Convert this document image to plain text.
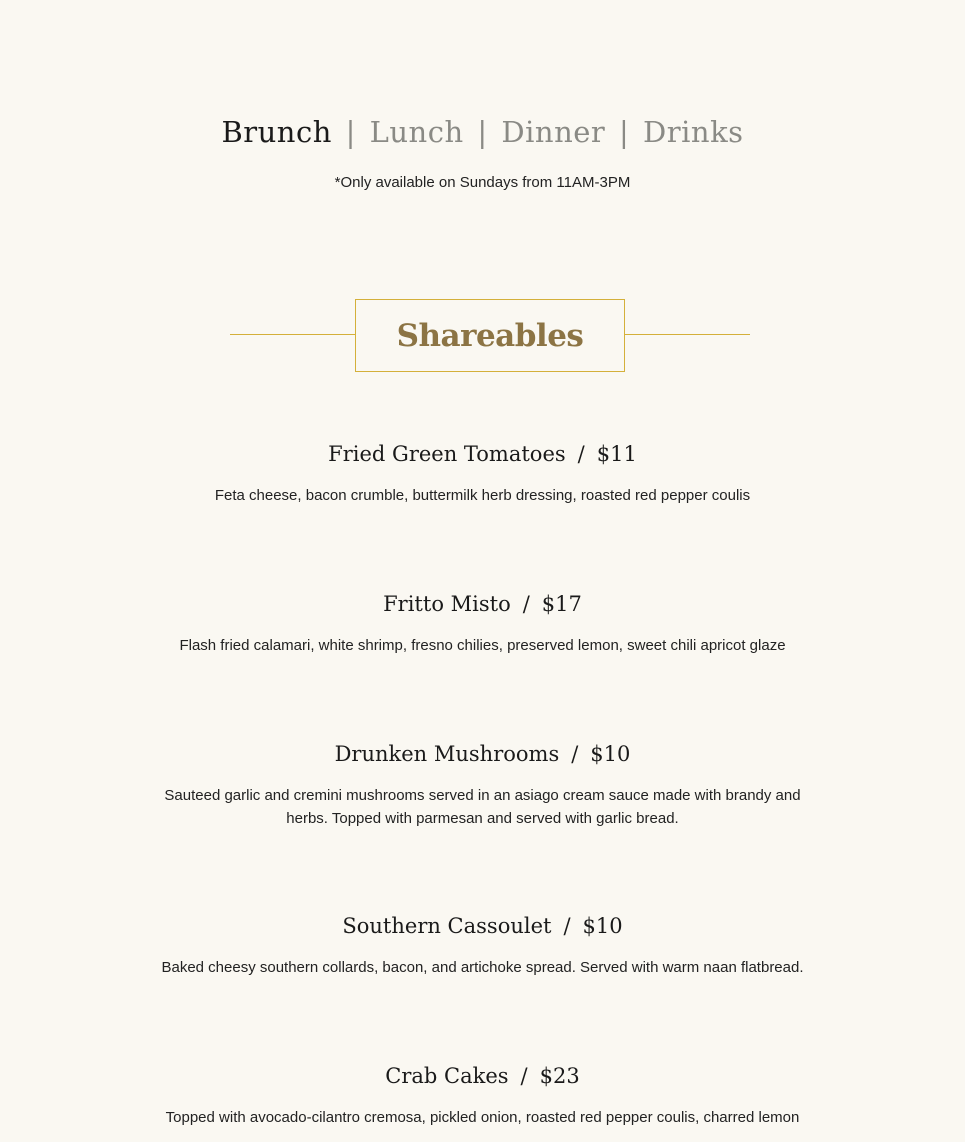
Brunch | Lunch | Dinner | Drinks
*Only available on Sundays from 11AM-3PM
Shareables
Fried Green Tomatoes / $11
Feta cheese, bacon crumble, buttermilk herb dressing, roasted red pepper coulis
Fritto Misto / $17
Flash fried calamari, white shrimp, fresno chilies, preserved lemon, sweet chili apricot glaze
Drunken Mushrooms / $10
Sauteed garlic and cremini mushrooms served in an asiago cream sauce made with brandy and herbs. Topped with parmesan and served with garlic bread.
Southern Cassoulet / $10
Baked cheesy southern collards, bacon, and artichoke spread. Served with warm naan flatbread.
Crab Cakes / $23
Topped with avocado-cilantro cremosa, pickled onion, roasted red pepper coulis, charred lemon
